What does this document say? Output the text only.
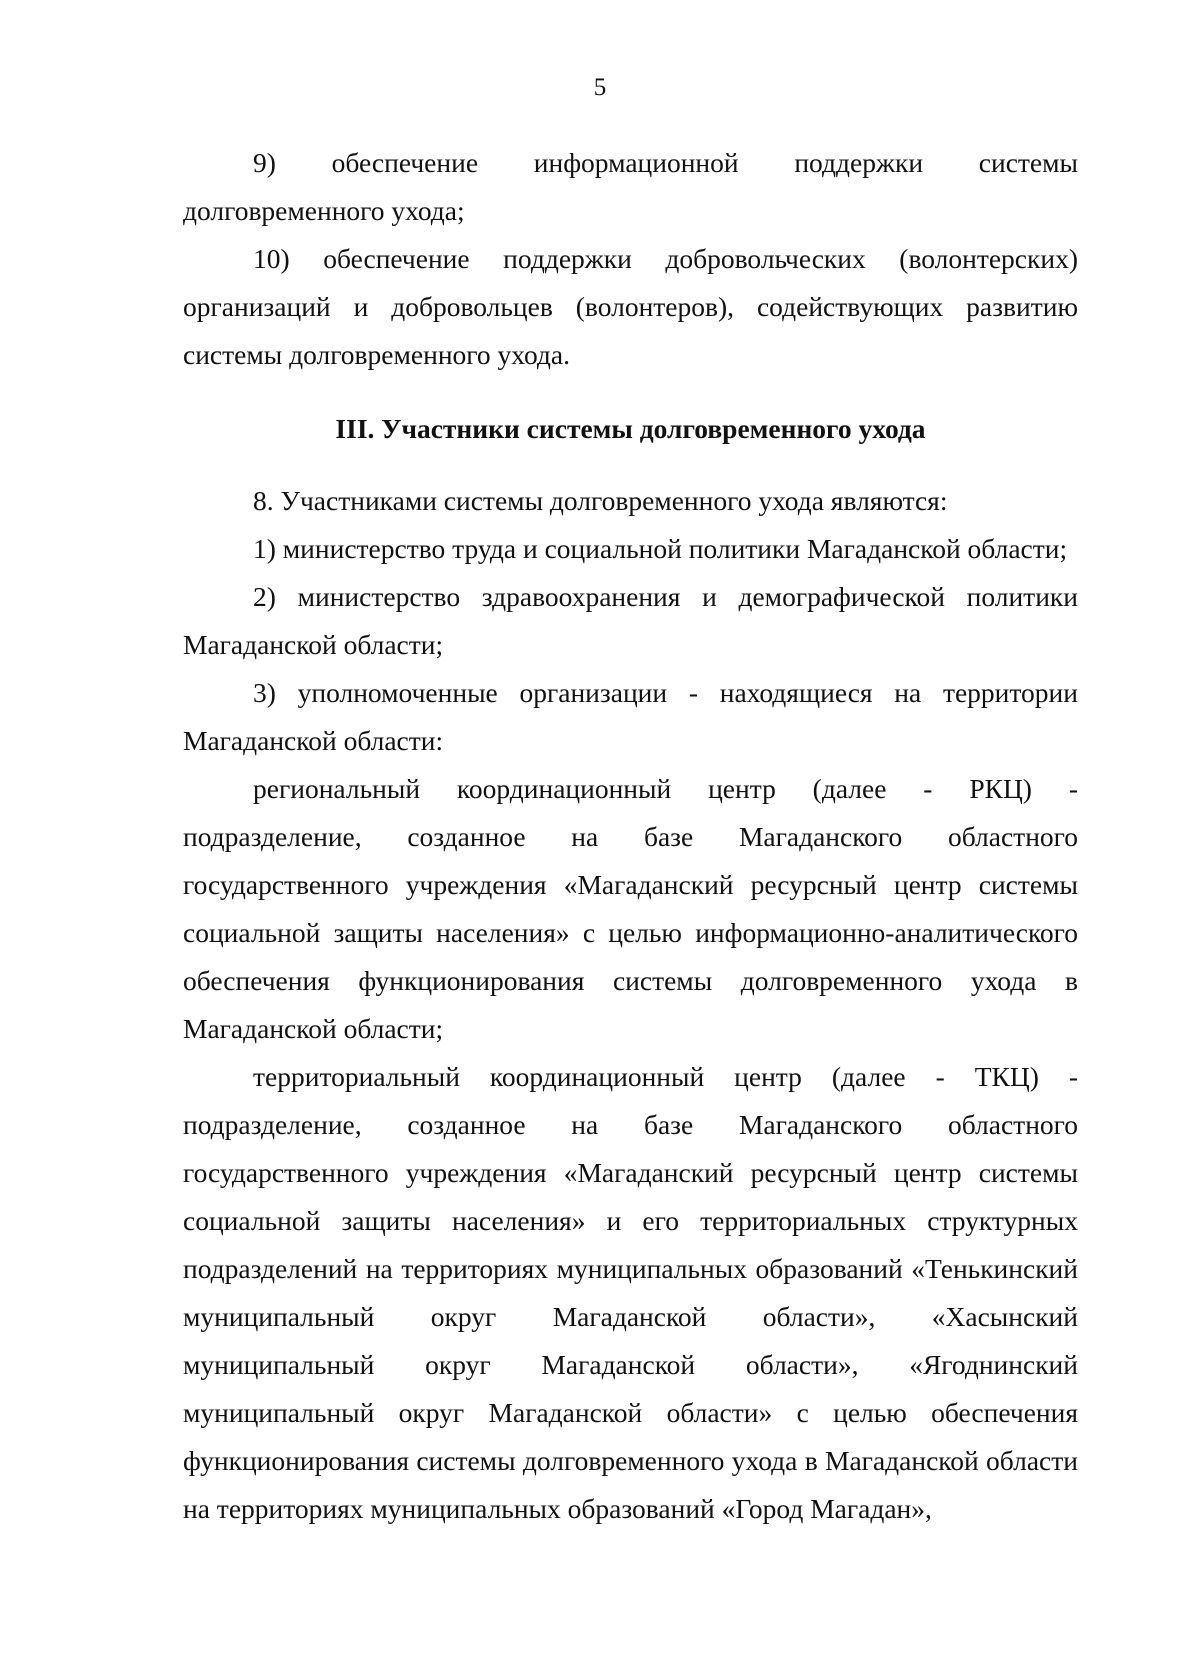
5

9) обеспечение информационной поддержки системы долговременного ухода;

10) обеспечение поддержки добровольческих (волонтерских) организаций и добровольцев (волонтеров), содействующих развитию системы долговременного ухода.

III. Участники системы долговременного ухода

8. Участниками системы долговременного ухода являются:

1) министерство труда и социальной политики Магаданской области;

2) министерство здравоохранения и демографической политики Магаданской области;

3) уполномоченные организации - находящиеся на территории Магаданской области:

региональный координационный центр (далее - РКЦ) - подразделение, созданное на базе Магаданского областного государственного учреждения «Магаданский ресурсный центр системы социальной защиты населения» с целью информационно-аналитического обеспечения функционирования системы долговременного ухода в Магаданской области;

территориальный координационный центр (далее - ТКЦ) - подразделение, созданное на базе Магаданского областного государственного учреждения «Магаданский ресурсный центр системы социальной защиты населения» и его территориальных структурных подразделений на территориях муниципальных образований «Тенькинский муниципальный округ Магаданской области», «Хасынский муниципальный округ Магаданской области», «Ягоднинский муниципальный округ Магаданской области» с целью обеспечения функционирования системы долговременного ухода в Магаданской области на территориях муниципальных образований «Город Магадан»,
